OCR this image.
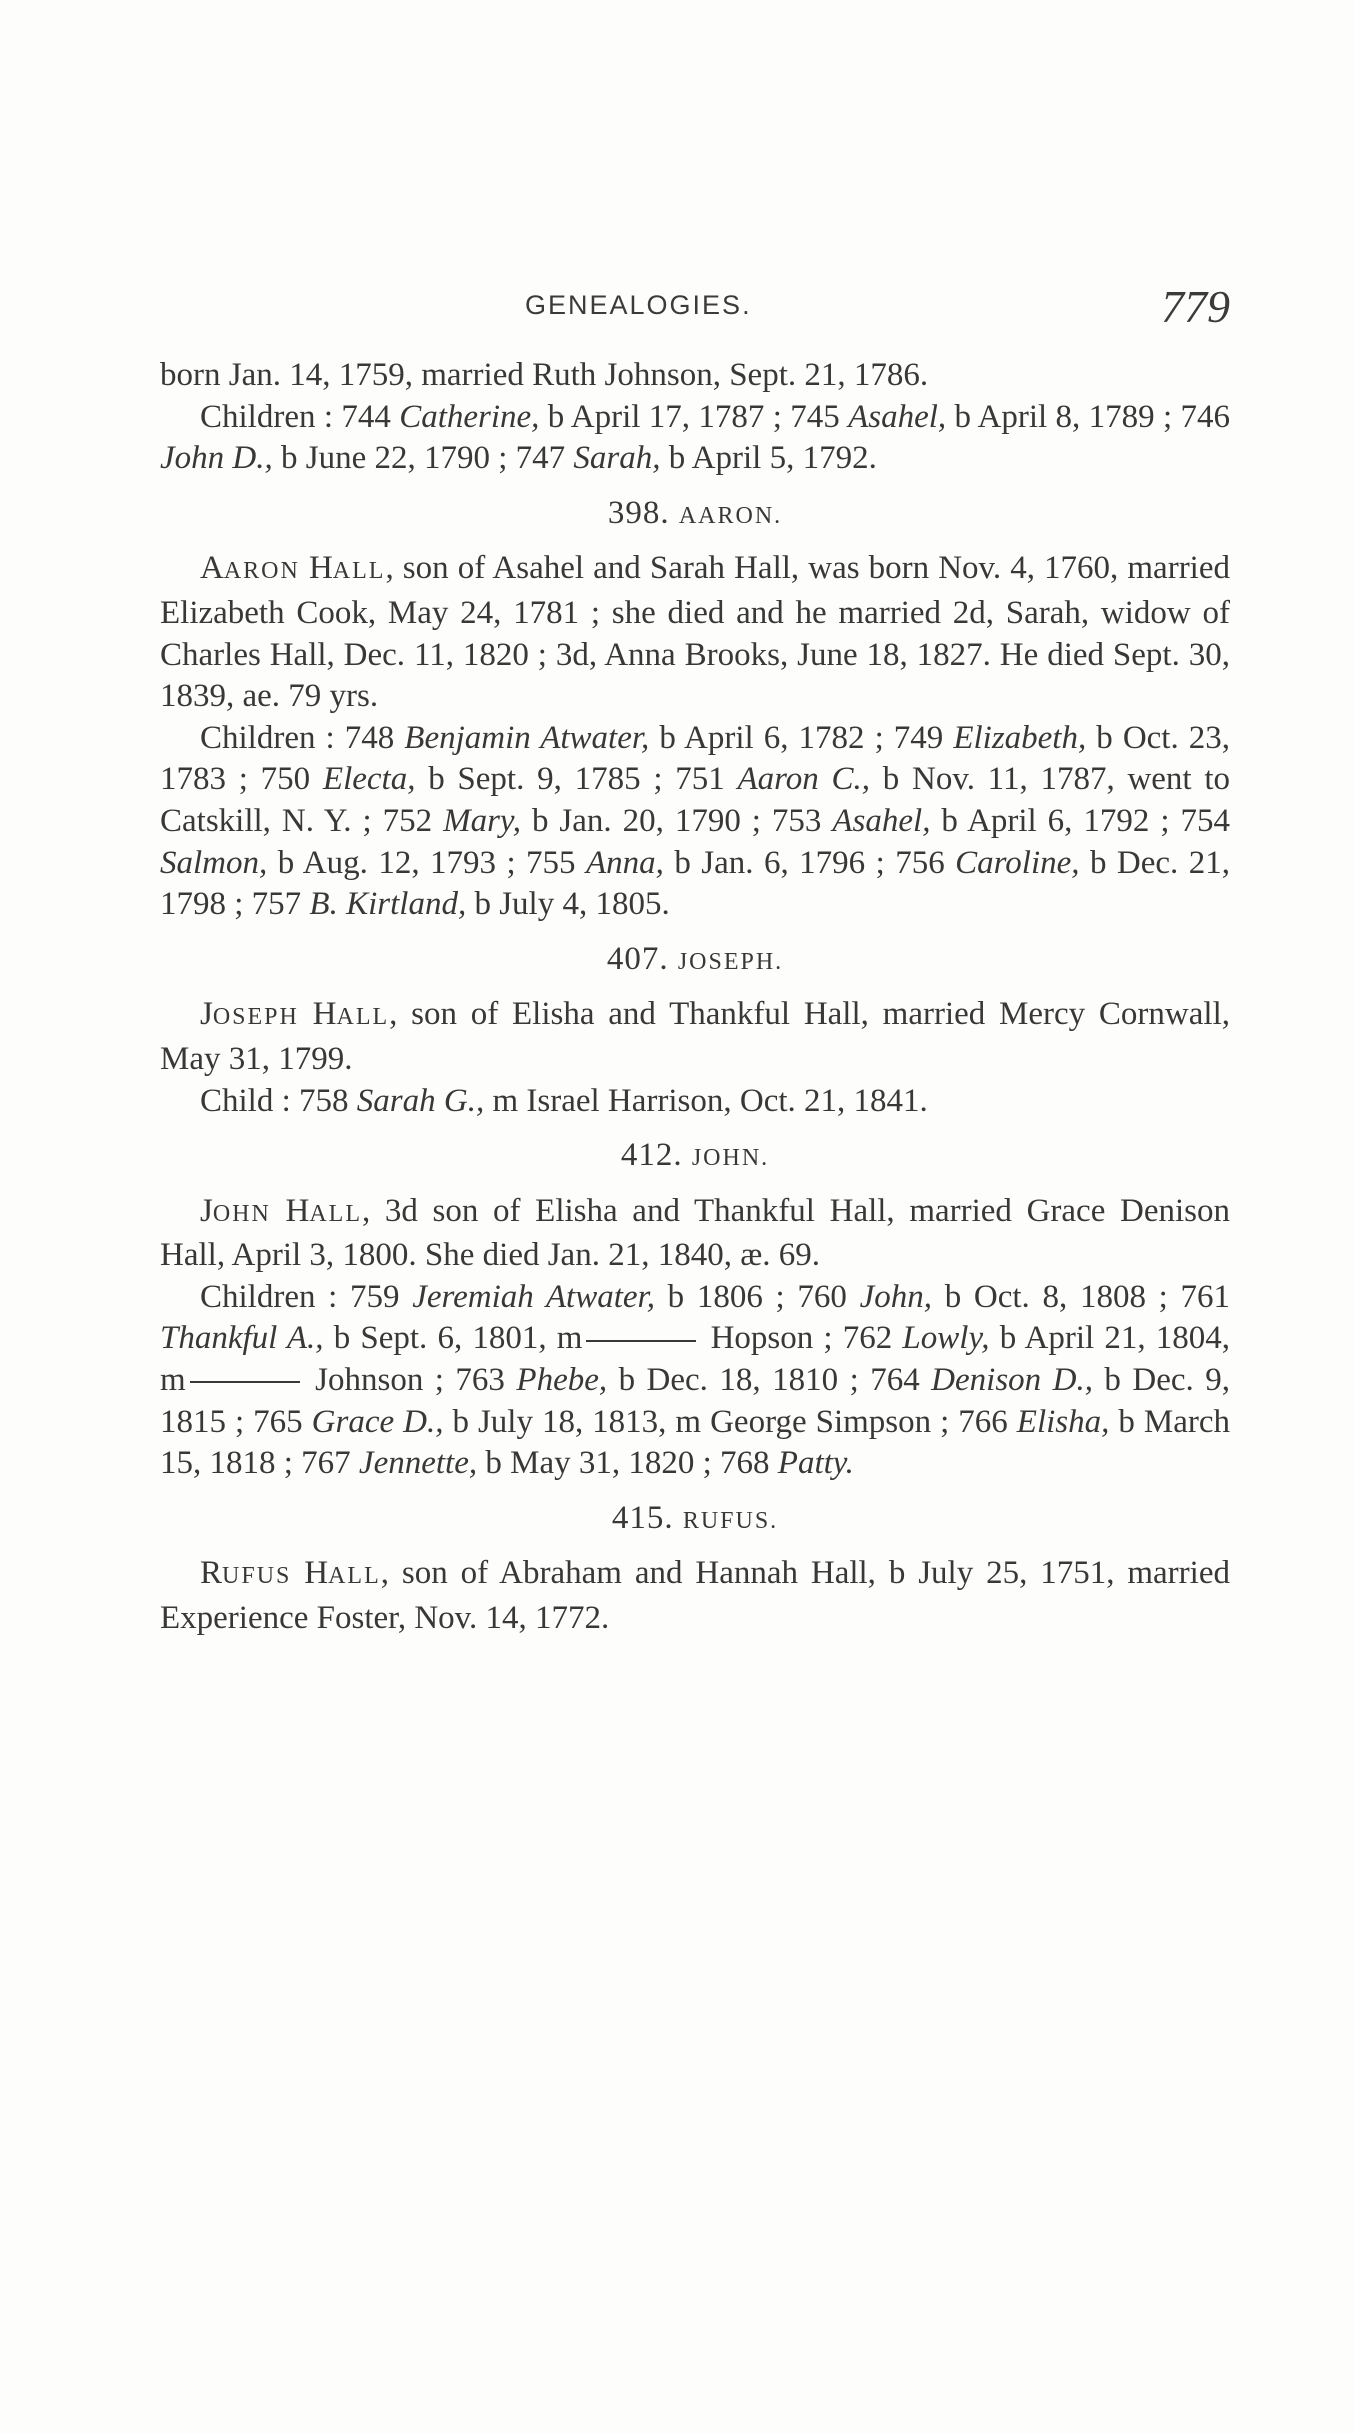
GENEALOGIES.	779

born Jan. 14, 1759, married Ruth Johnson, Sept. 21, 1786.

Children : 744 Catherine, b April 17, 1787 ; 745 Asahel, b April 8, 1789 ; 746 John D., b June 22, 1790 ; 747 Sarah, b April 5, 1792.

398. AARON.

AARON HALL, son of Asahel and Sarah Hall, was born Nov. 4, 1760, married Elizabeth Cook, May 24, 1781 ; she died and he married 2d, Sarah, widow of Charles Hall, Dec. 11, 1820 ; 3d, Anna Brooks, June 18, 1827. He died Sept. 30, 1839, ae. 79 yrs.

Children : 748 Benjamin Atwater, b April 6, 1782 ; 749 Elizabeth, b Oct. 23, 1783 ; 750 Electa, b Sept. 9, 1785 ; 751 Aaron C., b Nov. 11, 1787, went to Catskill, N. Y. ; 752 Mary, b Jan. 20, 1790 ; 753 Asahel, b April 6, 1792 ; 754 Salmon, b Aug. 12, 1793 ; 755 Anna, b Jan. 6, 1796 ; 756 Caroline, b Dec. 21, 1798 ; 757 B. Kirtland, b July 4, 1805.

407. JOSEPH.

JOSEPH HALL, son of Elisha and Thankful Hall, married Mercy Cornwall, May 31, 1799.

Child : 758 Sarah G., m Israel Harrison, Oct. 21, 1841.

412. JOHN.

JOHN HALL, 3d son of Elisha and Thankful Hall, married Grace Denison Hall, April 3, 1800. She died Jan. 21, 1840, æ. 69.

Children : 759 Jeremiah Atwater, b 1806 ; 760 John, b Oct. 8, 1808 ; 761 Thankful A., b Sept. 6, 1801, m	Hopson ; 762 Lowly, b April 21, 1804, m	Johnson ; 763 Phebe, b Dec. 18, 1810 ; 764 Denison D., b Dec. 9, 1815 ; 765 Grace D., b July 18, 1813, m George Simpson ; 766 Elisha, b March 15, 1818 ; 767 Jennette, b May 31, 1820 ; 768 Patty.

415. RUFUS.

RUFUS HALL, son of Abraham and Hannah Hall, b July 25, 1751, married Experience Foster, Nov. 14, 1772.
